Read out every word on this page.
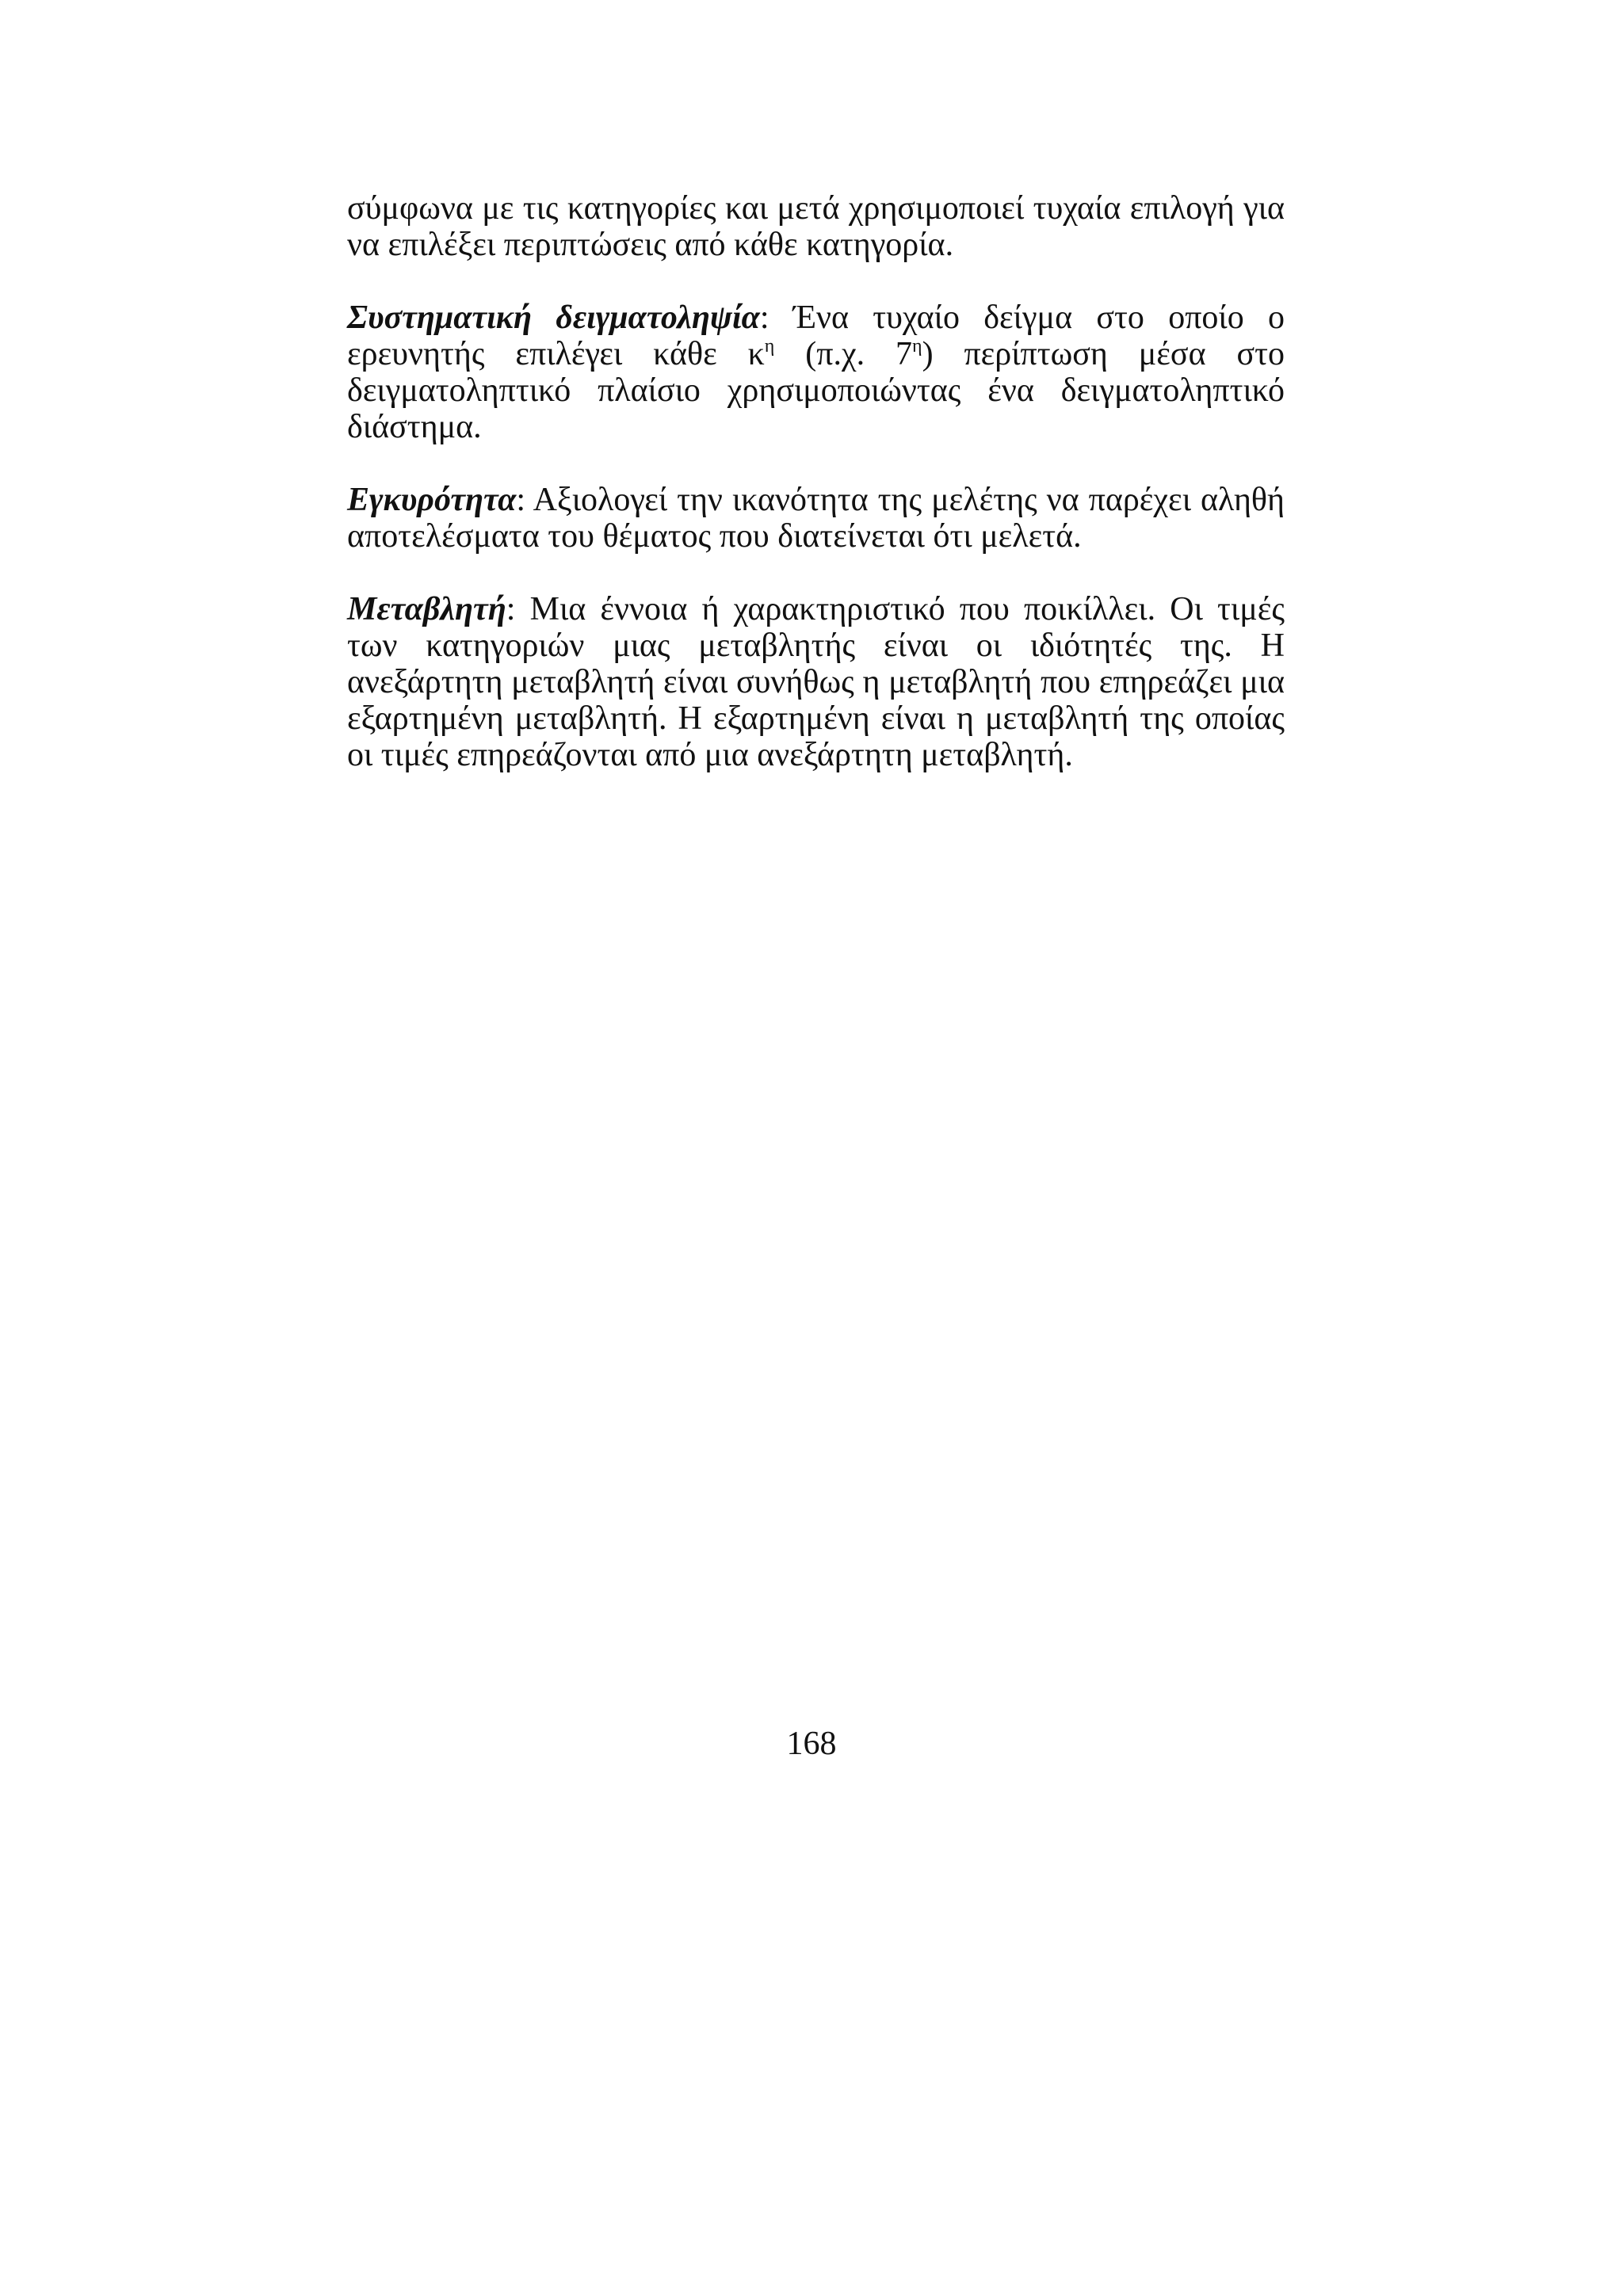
σύμφωνα με τις κατηγορίες και μετά χρησιμοποιεί τυχαία επιλογή για να επιλέξει περιπτώσεις από κάθε κατηγορία.

Συστηματική δειγματοληψία: Ένα τυχαίο δείγμα στο οποίο ο ερευνητής επιλέγει κάθε $\kappa^\eta$ (π.χ. $7^\eta$) περίπτωση μέσα στο δειγματοληπτικό πλαίσιο χρησιμοποιώντας ένα δειγματοληπτικό διάστημα.

Εγκυρότητα: Αξιολογεί την ικανότητα της μελέτης να παρέχει αληθή αποτελέσματα του θέματος που διατείνεται ότι μελετά.

Μεταβλητή: Μια έννοια ή χαρακτηριστικό που ποικίλλει. Οι τιμές των κατηγοριών μιας μεταβλητής είναι οι ιδιότητές της. Η ανεξάρτητη μεταβλητή είναι συνήθως η μεταβλητή που επηρεάζει μια εξαρτημένη μεταβλητή. Η εξαρτημένη είναι η μεταβλητή της οποίας οι τιμές επηρεάζονται από μια ανεξάρτητη μεταβλητή.

168
